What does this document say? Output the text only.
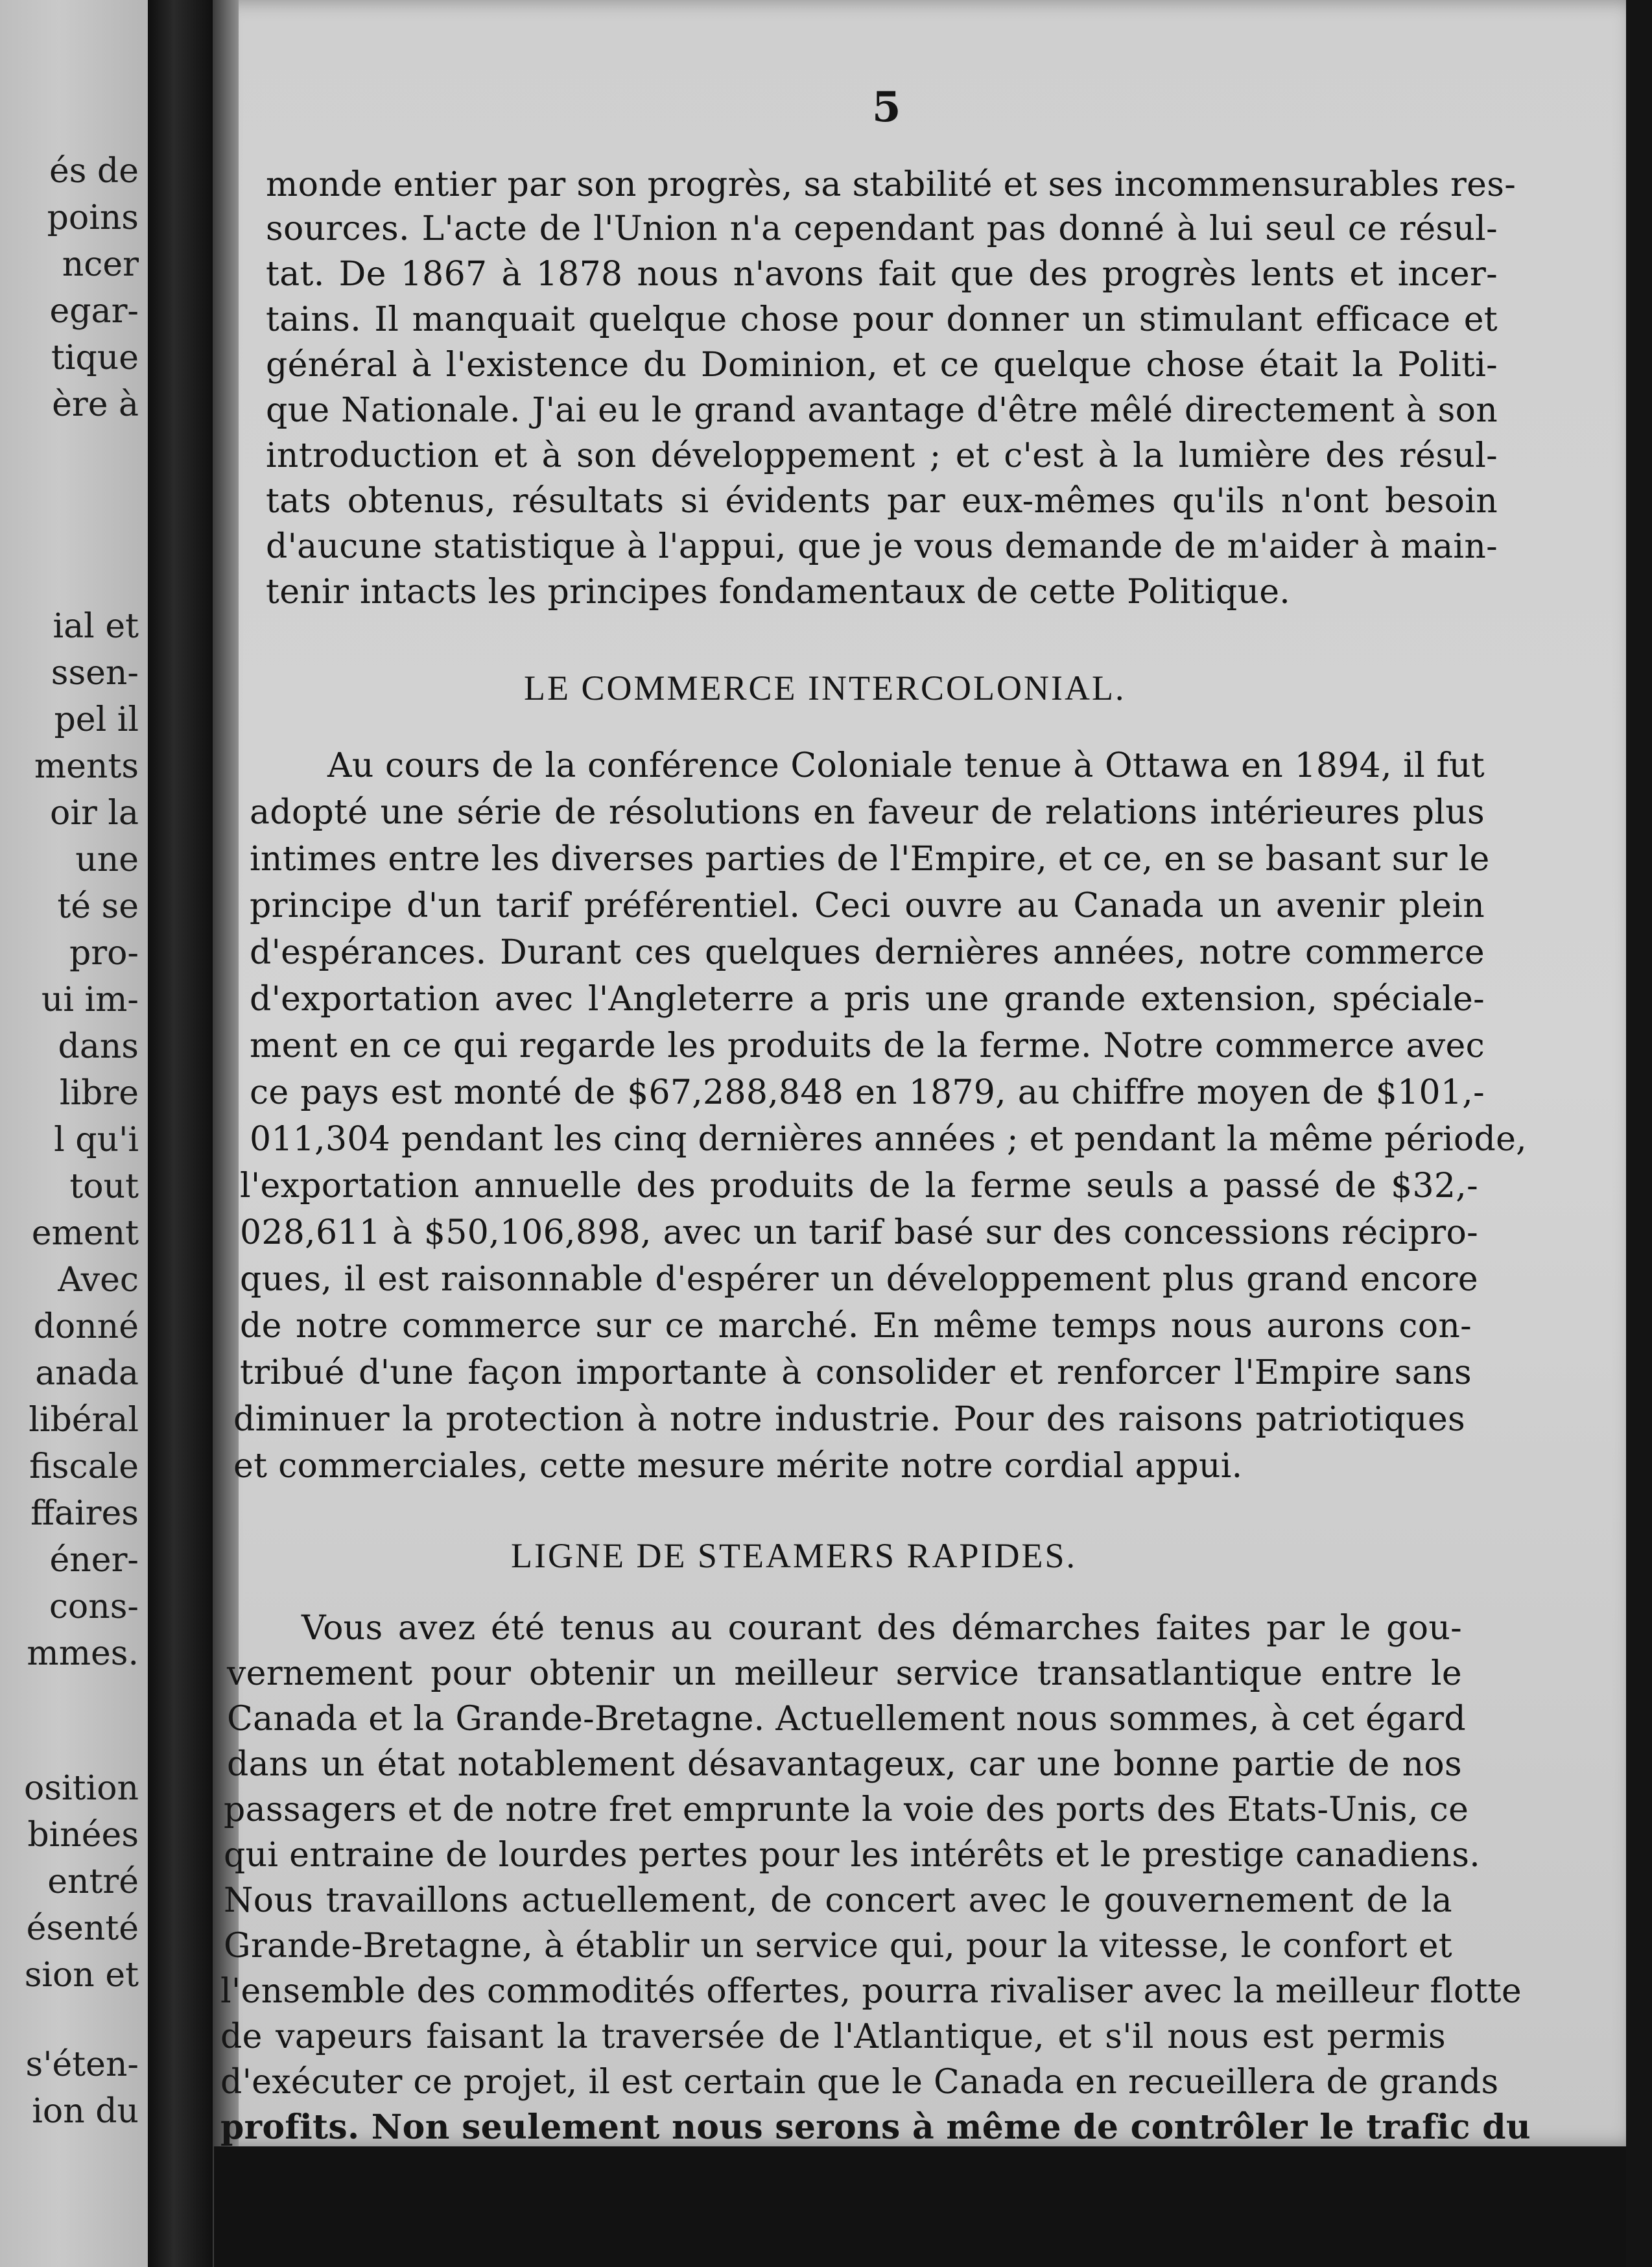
és de
poins
ncer
egar-
tique
ère à
ial et
ssen-
pel il
ments
oir la
une
té se
pro-
ui im-
dans
libre
l qu'i
tout
ement
Avec
donné
anada
libéral
fiscale
ffaires
éner-
cons-
mmes.
osition
binées
entré
ésenté
sion et
s'éten-
ion du
5
monde entier par son progrès, sa stabilité et ses incommensurables res-
sources. L'acte de l'Union n'a cependant pas donné à lui seul ce résul-
tat. De 1867 à 1878 nous n'avons fait que des progrès lents et incer-
tains. Il manquait quelque chose pour donner un stimulant efficace et
général à l'existence du Dominion, et ce quelque chose était la Politi-
que Nationale. J'ai eu le grand avantage d'être mêlé directement à son
introduction et à son développement ; et c'est à la lumière des résul-
tats obtenus, résultats si évidents par eux-mêmes qu'ils n'ont besoin
d'aucune statistique à l'appui, que je vous demande de m'aider à main-
tenir intacts les principes fondamentaux de cette Politique.
LE COMMERCE INTERCOLONIAL.
Au cours de la conférence Coloniale tenue à Ottawa en 1894, il fut
adopté une série de résolutions en faveur de relations intérieures plus
intimes entre les diverses parties de l'Empire, et ce, en se basant sur le
principe d'un tarif préférentiel. Ceci ouvre au Canada un avenir plein
d'espérances. Durant ces quelques dernières années, notre commerce
d'exportation avec l'Angleterre a pris une grande extension, spéciale-
ment en ce qui regarde les produits de la ferme. Notre commerce avec
ce pays est monté de $67,288,848 en 1879, au chiffre moyen de $101,-
011,304 pendant les cinq dernières années ; et pendant la même période,
l'exportation annuelle des produits de la ferme seuls a passé de $32,-
028,611 à $50,106,898, avec un tarif basé sur des concessions récipro-
ques, il est raisonnable d'espérer un développement plus grand encore
de notre commerce sur ce marché. En même temps nous aurons con-
tribué d'une façon importante à consolider et renforcer l'Empire sans
diminuer la protection à notre industrie. Pour des raisons patriotiques
et commerciales, cette mesure mérite notre cordial appui.
LIGNE DE STEAMERS RAPIDES.
Vous avez été tenus au courant des démarches faites par le gou-
vernement pour obtenir un meilleur service transatlantique entre le
Canada et la Grande-Bretagne. Actuellement nous sommes, à cet égard
dans un état notablement désavantageux, car une bonne partie de nos
passagers et de notre fret emprunte la voie des ports des Etats-Unis, ce
qui entraine de lourdes pertes pour les intérêts et le prestige canadiens.
Nous travaillons actuellement, de concert avec le gouvernement de la
Grande-Bretagne, à établir un service qui, pour la vitesse, le confort et
l'ensemble des commodités offertes, pourra rivaliser avec la meilleur flotte
de vapeurs faisant la traversée de l'Atlantique, et s'il nous est permis
d'exécuter ce projet, il est certain que le Canada en recueillera de grands
profits. Non seulement nous serons à même de contrôler le trafic du
